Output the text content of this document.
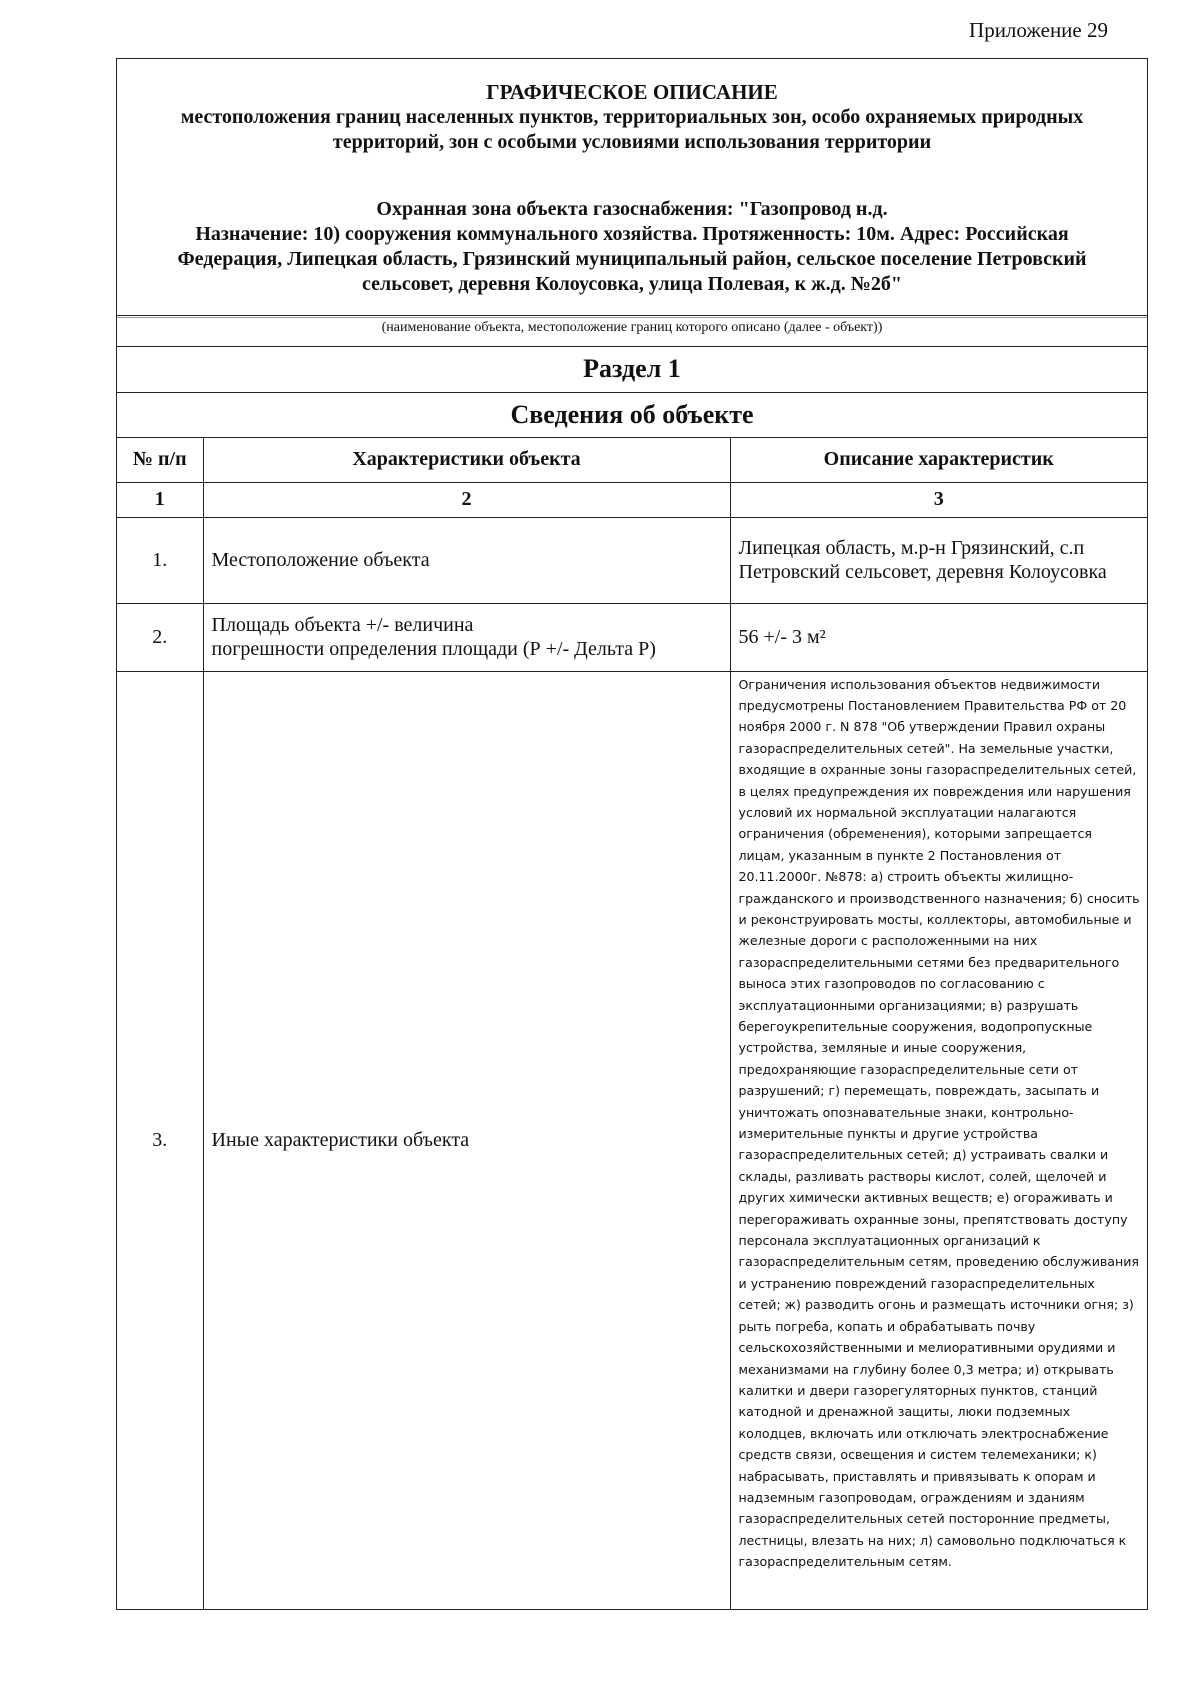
Приложение 29
ГРАФИЧЕСКОЕ ОПИСАНИЕ
местоположения границ населенных пунктов, территориальных зон, особо охраняемых природных
территорий, зон с особыми условиями использования территории
Охранная зона объекта газоснабжения: "Газопровод н.д.
Назначение: 10) сооружения коммунального хозяйства. Протяженность: 10м. Адрес: Российская
Федерация, Липецкая область, Грязинский муниципальный район, сельское поселение Петровский
сельсовет, деревня Колоусовка, улица Полевая, к ж.д. №2б"
(наименование объекта, местоположение границ которого описано (далее - объект))
Раздел 1		
Сведения об объекте		
№ п/п	Характеристики объекта	Описание характеристик
1	2	3
1.	Местоположение объекта	Липецкая область, м.р-н Грязинский, с.п Петровский сельсовет, деревня Колоусовка
2.	Площадь объекта +/- величина
погрешности определения площади (Р +/- Дельта Р)	56 +/- 3 м²
3.	Иные характеристики объекта	Ограничения использования объектов недвижимости предусмотрены Постановлением Правительства РФ от 20 ноября 2000 г. N 878 "Об утверждении Правил охраны газораспределительных сетей". На земельные участки, входящие в охранные зоны газораспределительных сетей, в целях предупреждения их повреждения или нарушения условий их нормальной эксплуатации налагаются ограничения (обременения), которыми запрещается лицам, указанным в пункте 2 Постановления от 20.11.2000г. №878: а) строить объекты жилищно-гражданского и производственного назначения; б) сносить и реконструировать мосты, коллекторы, автомобильные и железные дороги с расположенными на них газораспределительными сетями без предварительного выноса этих газопроводов по согласованию с эксплуатационными организациями; в) разрушать берегоукрепительные сооружения, водопропускные устройства, земляные и иные сооружения, предохраняющие газораспределительные сети от разрушений; г) перемещать, повреждать, засыпать и уничтожать опознавательные знаки, контрольно-измерительные пункты и другие устройства газораспределительных сетей; д) устраивать свалки и склады, разливать растворы кислот, солей, щелочей и других химически активных веществ; е) огораживать и перегораживать охранные зоны, препятствовать доступу персонала эксплуатационных организаций к газораспределительным сетям, проведению обслуживания и устранению повреждений газораспределительных сетей; ж) разводить огонь и размещать источники огня; з) рыть погреба, копать и обрабатывать почву сельскохозяйственными и мелиоративными орудиями и механизмами на глубину более 0,3 метра; и) открывать калитки и двери газорегуляторных пунктов, станций катодной и дренажной защиты, люки подземных колодцев, включать или отключать электроснабжение средств связи, освещения и систем телемеханики; к) набрасывать, приставлять и привязывать к опорам и надземным газопроводам, ограждениям и зданиям газораспределительных сетей посторонние предметы, лестницы, влезать на них; л) самовольно подключаться к газораспределительным сетям.
